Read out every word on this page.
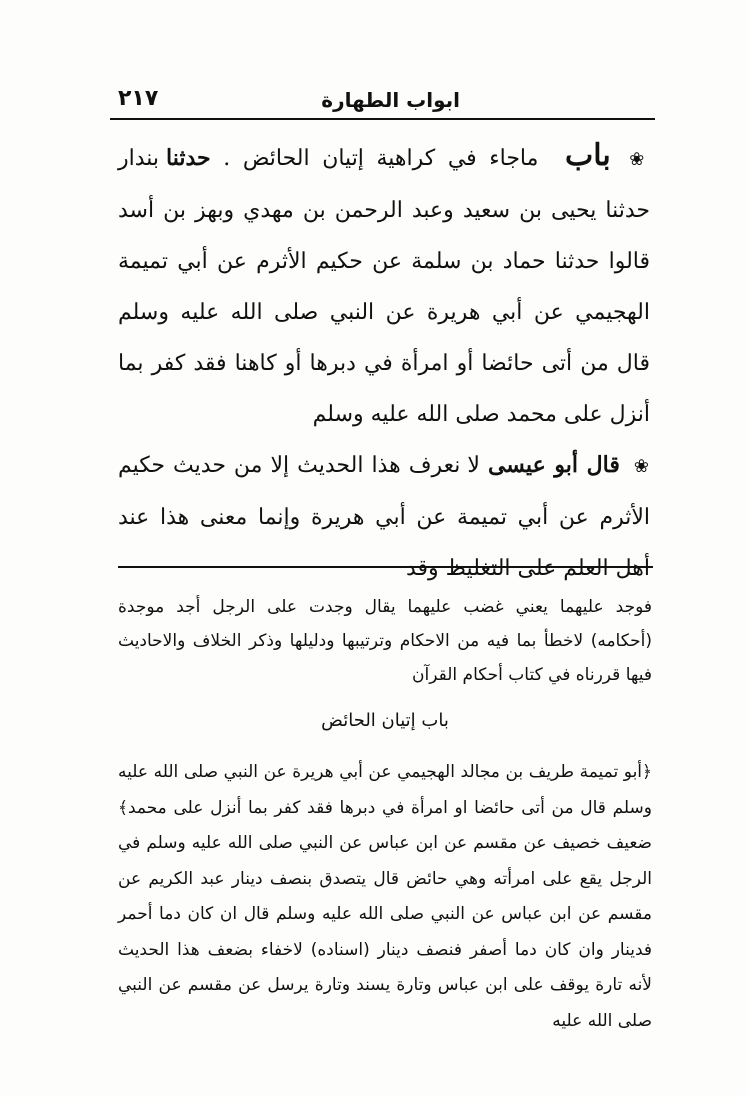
ابواب الطهارة
٢١٧

❀ باب ماجاء في كراهية إتيان الحائض . حدثنا بندار حدثنا يحيى بن سعيد وعبد الرحمن بن مهدي وبهز بن أسد قالوا حدثنا حماد بن سلمة عن حكيم الأثرم عن أبي تميمة الهجيمي عن أبي هريرة عن النبي صلى الله عليه وسلم قال من أتى حائضا أو امرأة في دبرها أو كاهنا فقد كفر بما أنزل على محمد صلى الله عليه وسلم

❀ قال أبو عيسى لا نعرف هذا الحديث إلا من حديث حكيم الأثرم عن أبي تميمة عن أبي هريرة وإنما معنى هذا عند أهل العلم على التغليظ وقد

فوجد عليهما يعني غضب عليهما يقال وجدت على الرجل أجد موجدة (أحكامه) لاخطأ بما فيه من الاحكام وترتيبها ودليلها وذكر الخلاف والاحاديث فيها قررناه في كتاب أحكام القرآن

باب إتيان الحائض

﴿أبو تميمة طريف بن مجالد الهجيمي عن أبي هريرة عن النبي صلى الله عليه وسلم قال من أتى حائضا او امرأة في دبرها فقد كفر بما أنزل على محمد﴾ ضعيف خصيف عن مقسم عن ابن عباس عن النبي صلى الله عليه وسلم في الرجل يقع على امرأته وهي حائض قال يتصدق بنصف دينار عبد الكريم عن مقسم عن ابن عباس عن النبي صلى الله عليه وسلم قال ان كان دما أحمر فدينار وان كان دما أصفر فنصف دينار (اسناده) لاخفاء بضعف هذا الحديث لأنه تارة يوقف على ابن عباس وتارة يسند وتارة يرسل عن مقسم عن النبي صلى الله عليه
